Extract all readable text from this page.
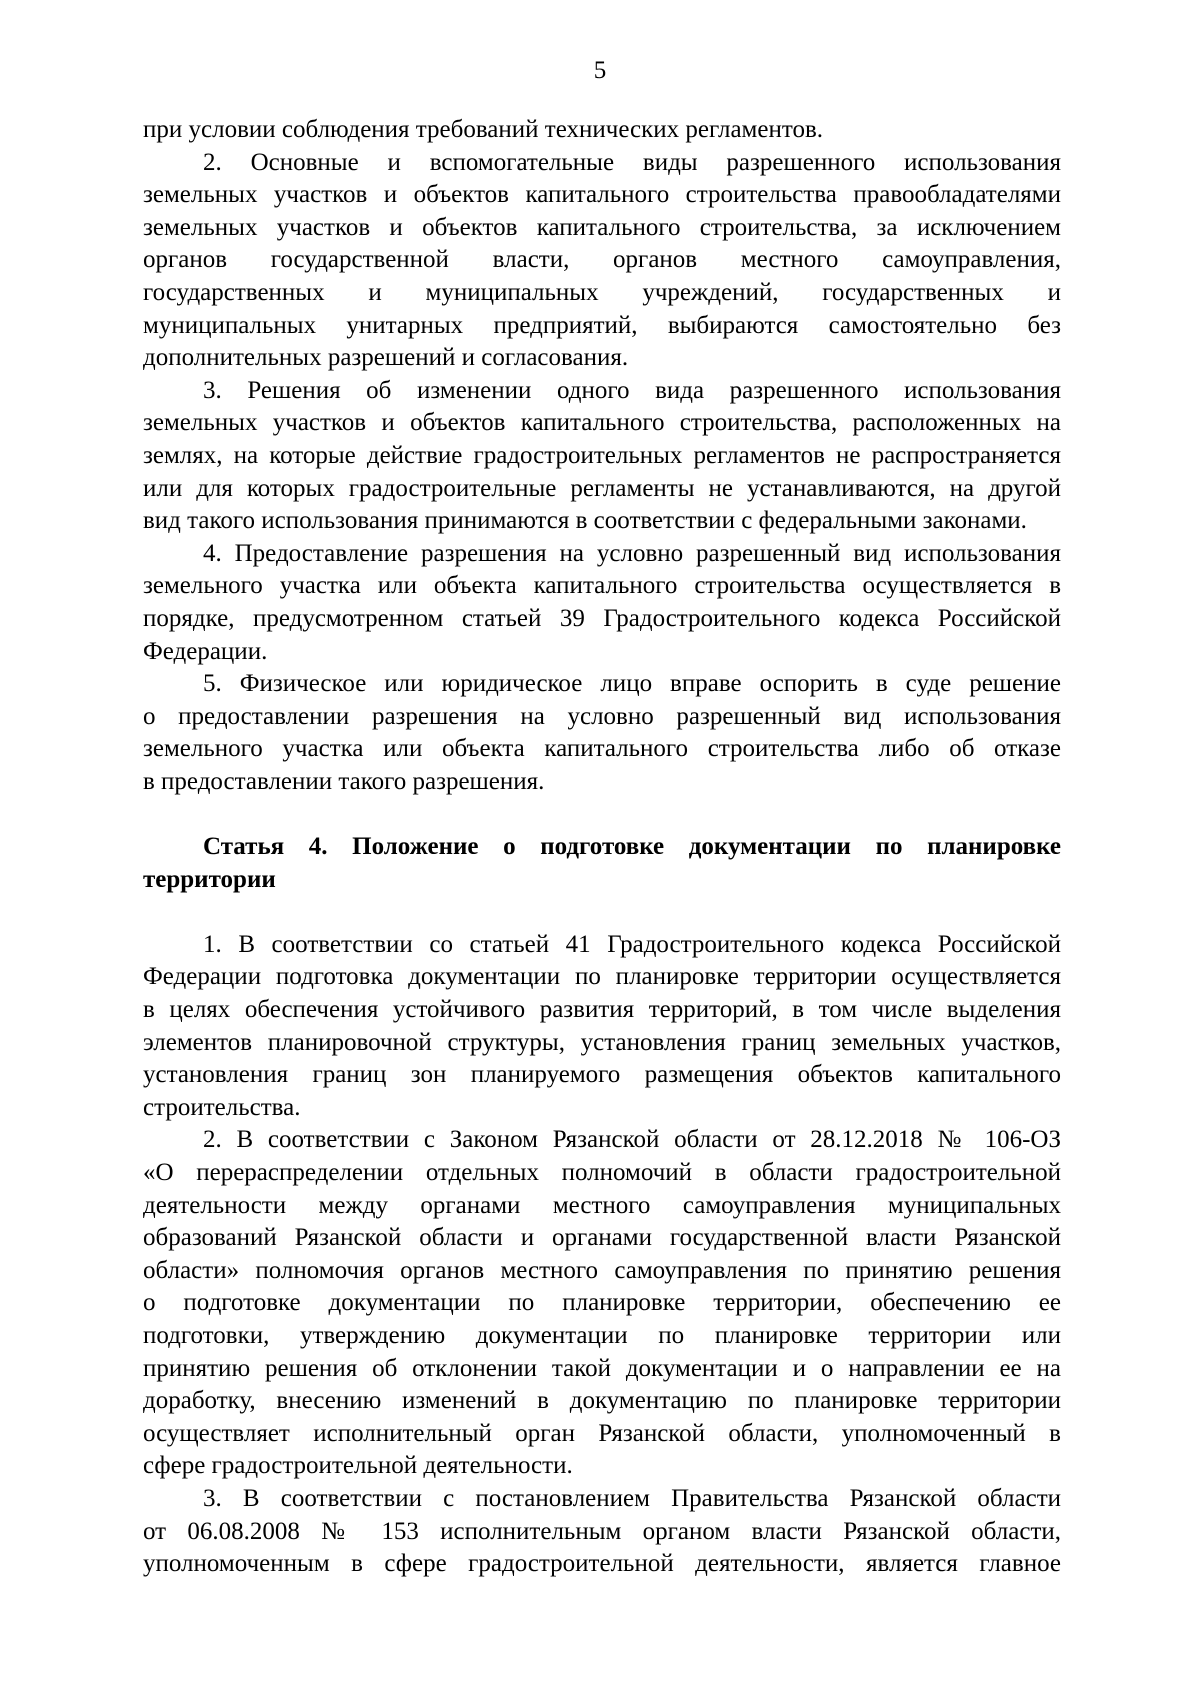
5
при условии соблюдения требований технических регламентов.
2. Основные и вспомогательные виды разрешенного использования
земельных участков и объектов капитального строительства правообладателями
земельных участков и объектов капитального строительства, за исключением
органов государственной власти, органов местного самоуправления,
государственных и муниципальных учреждений, государственных и
муниципальных унитарных предприятий, выбираются самостоятельно без
дополнительных разрешений и согласования.
3. Решения об изменении одного вида разрешенного использования
земельных участков и объектов капитального строительства, расположенных на
землях, на которые действие градостроительных регламентов не распространяется
или для которых градостроительные регламенты не устанавливаются, на другой
вид такого использования принимаются в соответствии с федеральными законами.
4. Предоставление разрешения на условно разрешенный вид использования
земельного участка или объекта капитального строительства осуществляется в
порядке, предусмотренном статьей 39 Градостроительного кодекса Российской
Федерации.
5. Физическое или юридическое лицо вправе оспорить в суде решение
о предоставлении разрешения на условно разрешенный вид использования
земельного участка или объекта капитального строительства либо об отказе
в предоставлении такого разрешения.
Статья 4. Положение о подготовке документации по планировке
территории
1. В соответствии со статьей 41 Градостроительного кодекса Российской
Федерации подготовка документации по планировке территории осуществляется
в целях обеспечения устойчивого развития территорий, в том числе выделения
элементов планировочной структуры, установления границ земельных участков,
установления границ зон планируемого размещения объектов капитального
строительства.
2. В соответствии с Законом Рязанской области от 28.12.2018 № 106-ОЗ
«О перераспределении отдельных полномочий в области градостроительной
деятельности между органами местного самоуправления муниципальных
образований Рязанской области и органами государственной власти Рязанской
области» полномочия органов местного самоуправления по принятию решения
о подготовке документации по планировке территории, обеспечению ее
подготовки, утверждению документации по планировке территории или
принятию решения об отклонении такой документации и о направлении ее на
доработку, внесению изменений в документацию по планировке территории
осуществляет исполнительный орган Рязанской области, уполномоченный в
сфере градостроительной деятельности.
3. В соответствии с постановлением Правительства Рязанской области
от 06.08.2008 № 153 исполнительным органом власти Рязанской области,
уполномоченным в сфере градостроительной деятельности, является главное
